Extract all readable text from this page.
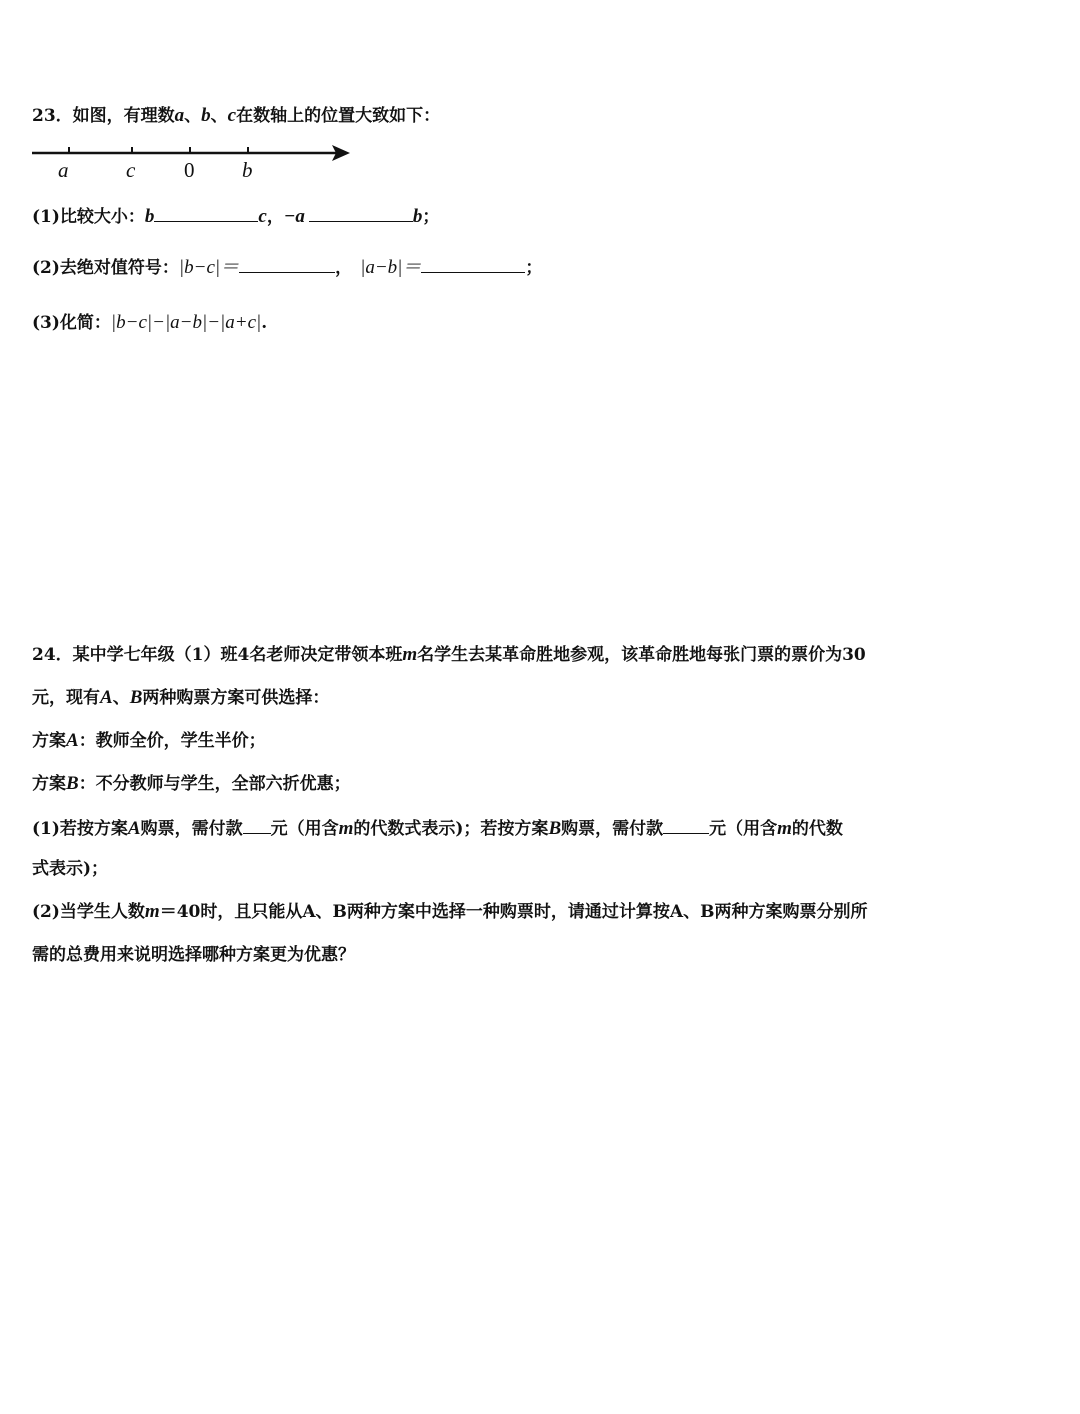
23．如图，有理数a、b、c在数轴上的位置大致如下：
a	c 0 b
(1)比较大小：b	c，−a	b；
(2)去绝对值符号：|b−c|＝	， |a−b|＝	；
(3)化简：|b−c|−|a−b|−|a+c|.
24．某中学七年级（1）班4名老师决定带领本班m名学生去某革命胜地参观，该革命胜地每张门票的票价为30
元，现有A、B两种购票方案可供选择：
方案A：教师全价，学生半价；
方案B：不分教师与学生，全部六折优惠；
(1)若按方案A购票，需付款 元（用含m的代数式表示)；若按方案B购票，需付款	元（用含m的代数
式表示)；
(2)当学生人数m＝40时，且只能从A、B两种方案中选择一种购票时，请通过计算按A、B两种方案购票分别所
需的总费用来说明选择哪种方案更为优惠？
